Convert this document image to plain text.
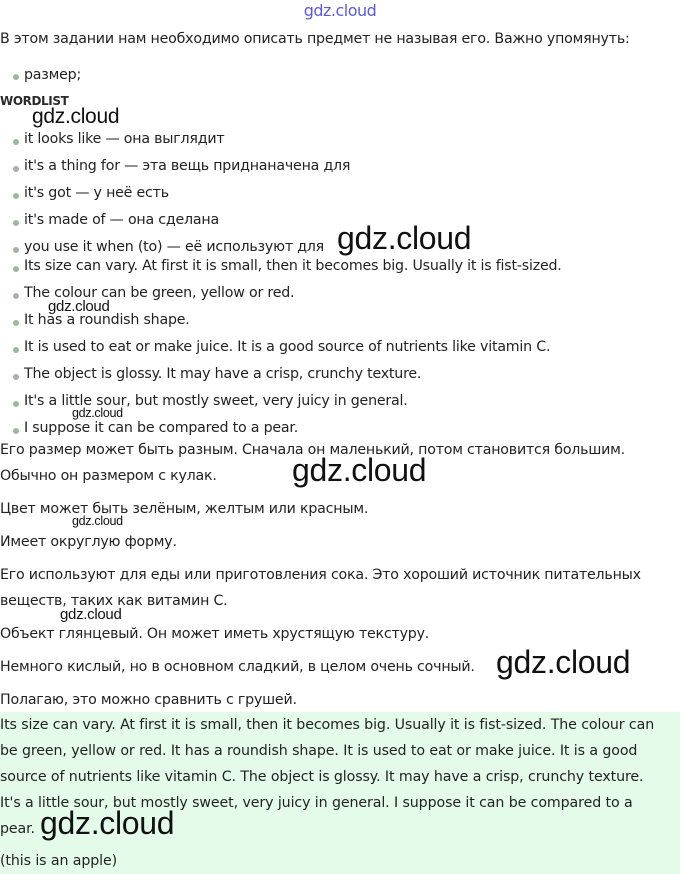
gdz.cloud
В этом задании нам необходимо описать предмет не называя его. Важно упомянуть:
размер;
WORDLIST
it looks like — она выглядит
it's a thing for — эта вещь приднаначена для
it's got — у неё есть
it's made of — она сделана
you use it when (to) — её используют для
Its size can vary. At first it is small, then it becomes big. Usually it is fist-sized.
The colour can be green, yellow or red.
It has a roundish shape.
It is used to eat or make juice. It is a good source of nutrients like vitamin C.
The object is glossy. It may have a crisp, crunchy texture.
It's a little sour, but mostly sweet, very juicy in general.
I suppose it can be compared to a pear.
Его размер может быть разным. Сначала он маленький, потом становится большим.
Обычно он размером с кулак.
Цвет может быть зелёным, желтым или красным.
Имеет округлую форму.
Его используют для еды или приготовления сока. Это хороший источник питательных
веществ, таких как витамин C.
Объект глянцевый. Он может иметь хрустящую текстуру.
Немного кислый, но в основном сладкий, в целом очень сочный.
Полагаю, это можно сравнить с грушей.
Its size can vary. At first it is small, then it becomes big. Usually it is fist-sized. The colour can
be green, yellow or red. It has a roundish shape. It is used to eat or make juice. It is a good
source of nutrients like vitamin C. The object is glossy. It may have a crisp, crunchy texture.
It's a little sour, but mostly sweet, very juicy in general. I suppose it can be compared to a
pear.
(this is an apple)
gdz.cloud
gdz.cloud
gdz.cloud
gdz.cloud
gdz.cloud
gdz.cloud
gdz.cloud
gdz.cloud
gdz.cloud
